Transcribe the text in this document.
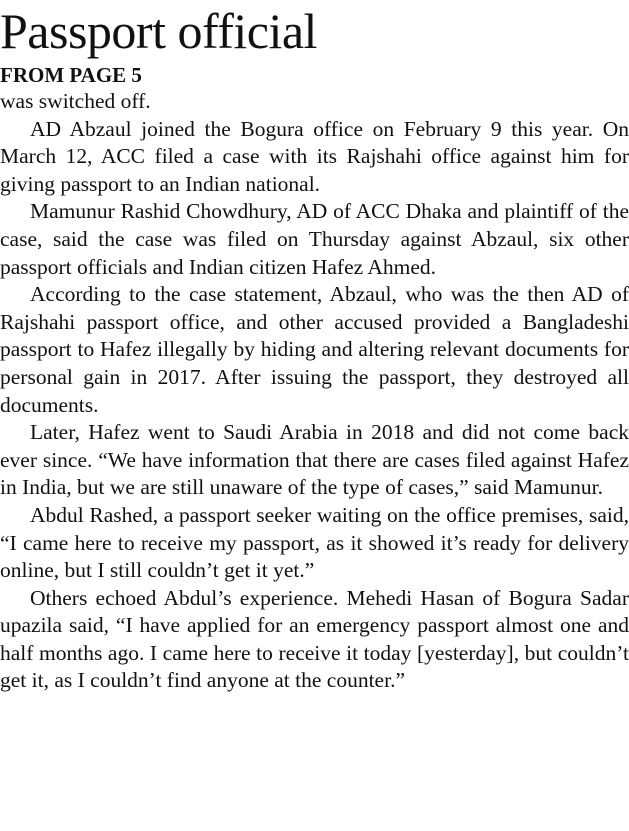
Passport official
FROM PAGE 5

was switched off.

AD Abzaul joined the Bogura office on February 9 this year. On March 12, ACC filed a case with its Rajshahi office against him for giving passport to an Indian national.

Mamunur Rashid Chowdhury, AD of ACC Dhaka and plaintiff of the case, said the case was filed on Thursday against Abzaul, six other passport officials and Indian citizen Hafez Ahmed.

According to the case statement, Abzaul, who was the then AD of Rajshahi passport office, and other accused provided a Bangladeshi passport to Hafez illegally by hiding and altering relevant documents for personal gain in 2017. After issuing the passport, they destroyed all documents.

Later, Hafez went to Saudi Arabia in 2018 and did not come back ever since. “We have information that there are cases filed against Hafez in India, but we are still unaware of the type of cases,” said Mamunur.

Abdul Rashed, a passport seeker waiting on the office premises, said, “I came here to receive my passport, as it showed it’s ready for delivery online, but I still couldn’t get it yet.”

Others echoed Abdul’s experience. Mehedi Hasan of Bogura Sadar upazila said, “I have applied for an emergency passport almost one and half months ago. I came here to receive it today [yesterday], but couldn’t get it, as I couldn’t find anyone at the counter.”
